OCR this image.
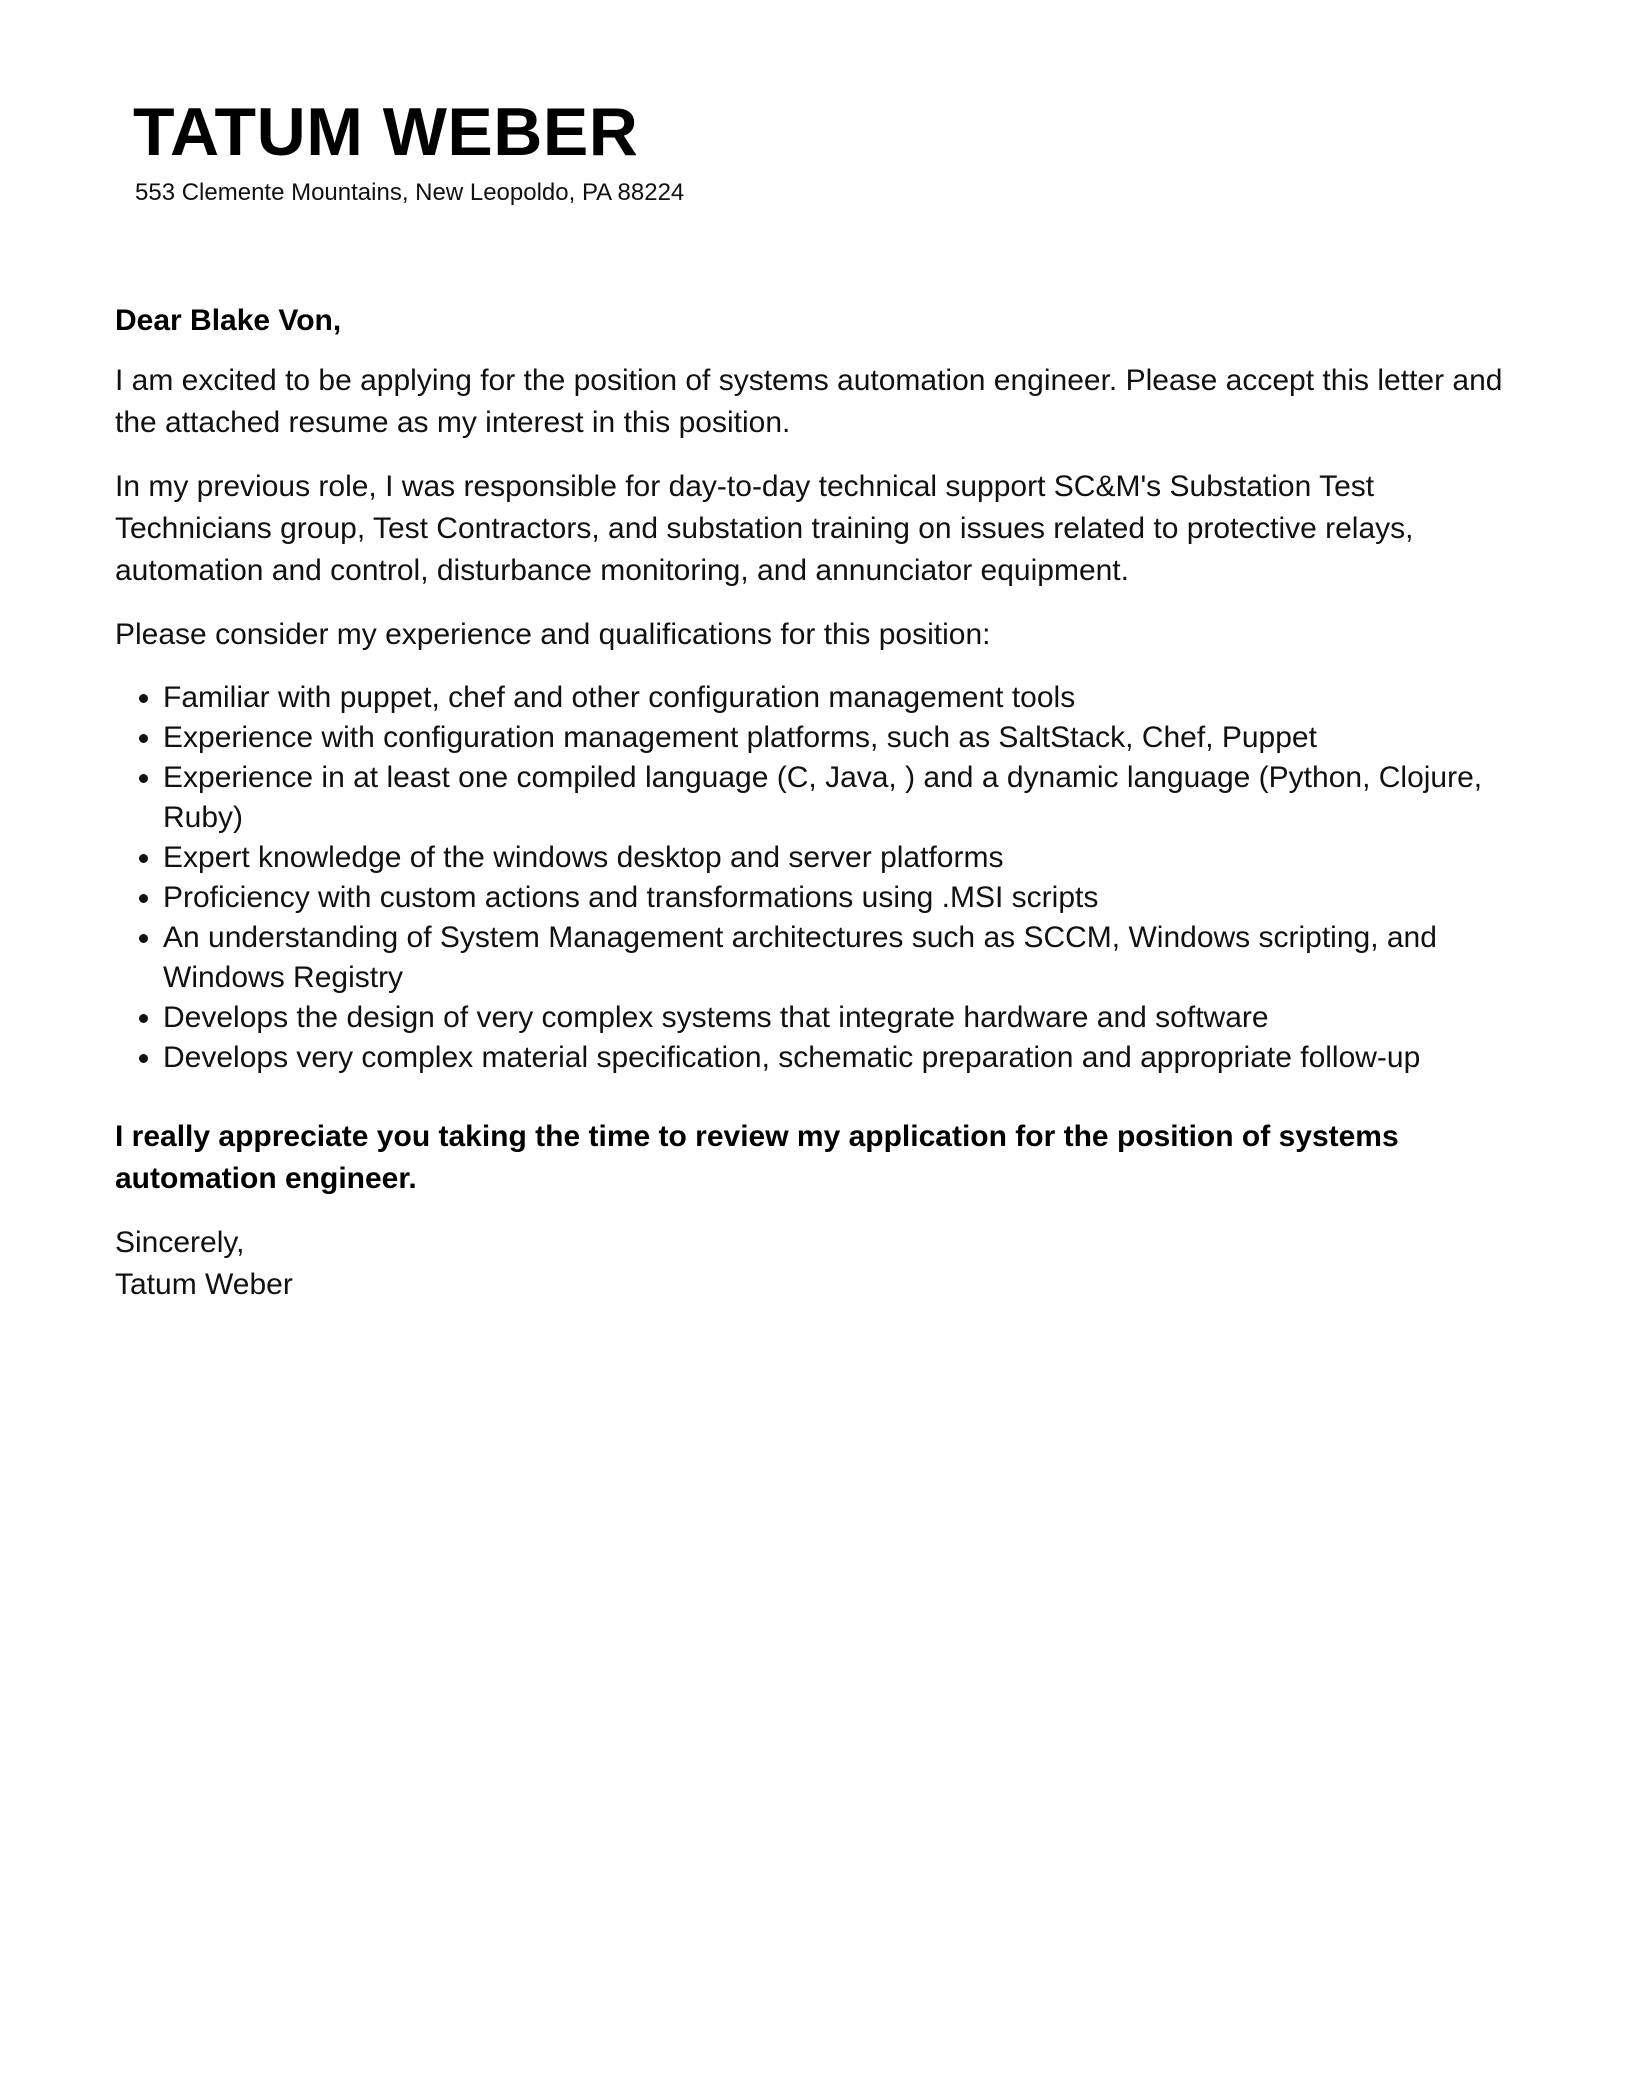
TATUM WEBER
553 Clemente Mountains, New Leopoldo, PA 88224

Dear Blake Von,

I am excited to be applying for the position of systems automation engineer. Please accept this letter and the attached resume as my interest in this position.

In my previous role, I was responsible for day-to-day technical support SC&M's Substation Test Technicians group, Test Contractors, and substation training on issues related to protective relays, automation and control, disturbance monitoring, and annunciator equipment.

Please consider my experience and qualifications for this position:

• Familiar with puppet, chef and other configuration management tools
• Experience with configuration management platforms, such as SaltStack, Chef, Puppet
• Experience in at least one compiled language (C, Java, ) and a dynamic language (Python, Clojure, Ruby)
• Expert knowledge of the windows desktop and server platforms
• Proficiency with custom actions and transformations using .MSI scripts
• An understanding of System Management architectures such as SCCM, Windows scripting, and Windows Registry
• Develops the design of very complex systems that integrate hardware and software
• Develops very complex material specification, schematic preparation and appropriate follow-up

I really appreciate you taking the time to review my application for the position of systems automation engineer.

Sincerely,
Tatum Weber
